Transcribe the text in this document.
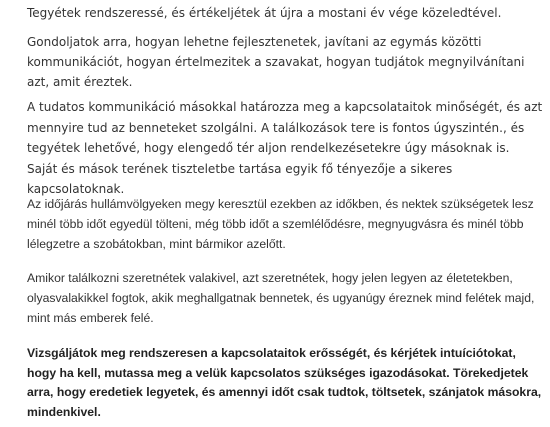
Tegyétek rendszeressé, és értékeljétek át újra a mostani év vége közeledtével.

Gondoljatok arra, hogyan lehetne fejlesztenetek, javítani az egymás közötti kommunikációt, hogyan értelmezitek a szavakat, hogyan tudjátok megnyilvánítani azt, amit éreztek.

A tudatos kommunikáció másokkal határozza meg a kapcsolataitok minőségét, és azt mennyire tud az benneteket szolgálni. A találkozások tere is fontos úgyszintén., és tegyétek lehetővé, hogy elengedő tér aljon rendelkezésetekre úgy másoknak is. Saját és mások terének tiszteletbe tartása egyik fő tényezője a sikeres kapcsolatoknak.

Az időjárás hullámvölgyeken megy keresztül ezekben az időkben, és nektek szükségetek lesz minél több időt egyedül tölteni, még több időt a szemlélődésre, megnyugvásra és minél több lélegzetre a szobátokban, mint bármikor azelőtt.

Amikor találkozni szeretnétek valakivel, azt szeretnétek, hogy jelen legyen az életetekben, olyasvalakikkel fogtok, akik meghallgatnak bennetek, és ugyanúgy éreznek mind felétek majd, mint más emberek felé.

Vizsgáljátok meg rendszeresen a kapcsolataitok erősségét, és kérjétek intuíciótokat, hogy ha kell, mutassa meg a velük kapcsolatos szükséges igazodásokat. Törekedjetek arra, hogy eredetiek legyetek, és amennyi időt csak tudtok, töltsetek, szánjatok másokra, mindenkivel.
